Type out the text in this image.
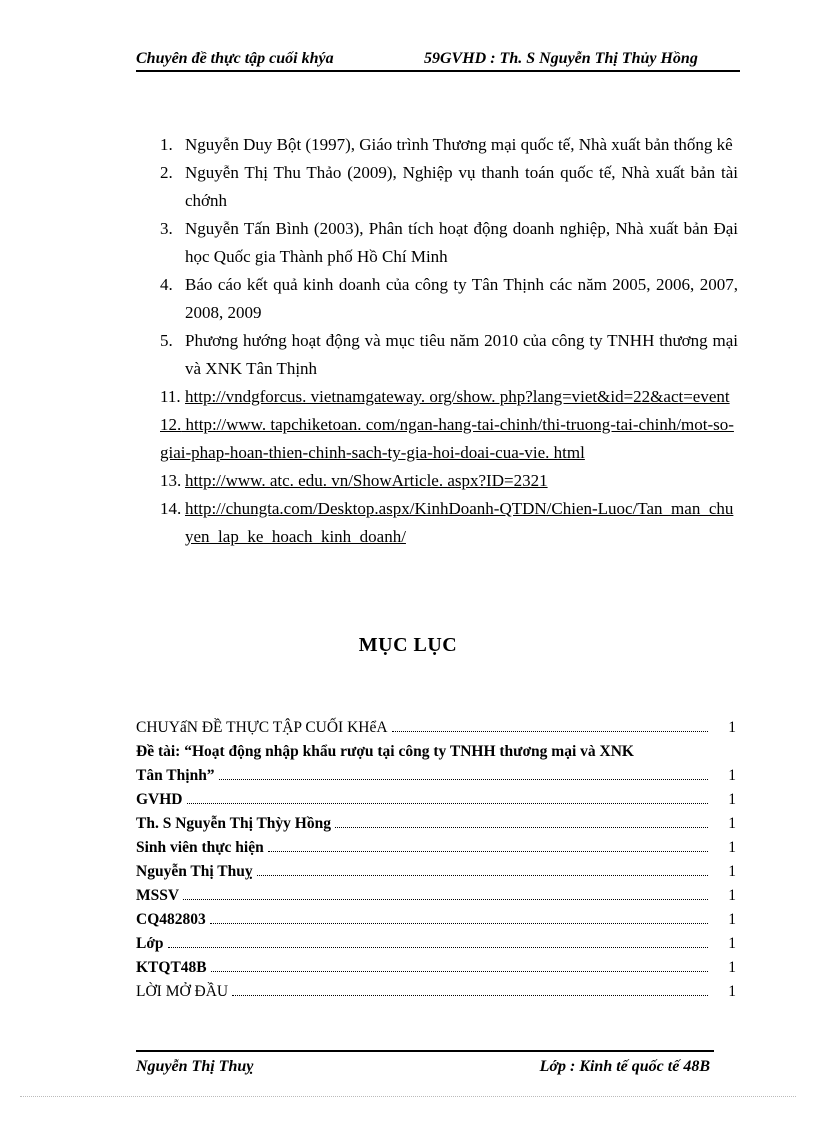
Chuyên đề thực tập cuối khýa	59GVHD : Th. S Nguyễn Thị Thủy Hồng
1. Nguyễn Duy Bột (1997), Giáo trình Thương mại quốc tế, Nhà xuất bản thống kê
2. Nguyễn Thị Thu Thảo (2009), Nghiệp vụ thanh toán quốc tế, Nhà xuất bản tài chớnh
3. Nguyễn Tấn Bình (2003), Phân tích hoạt động doanh nghiệp, Nhà xuất bản Đại học Quốc gia Thành phố Hồ Chí Minh
4. Báo cáo kết quả kinh doanh của công ty Tân Thịnh các năm 2005, 2006, 2007, 2008, 2009
5. Phương hướng hoạt động và mục tiêu năm 2010 của công ty TNHH thương mại và XNK Tân Thịnh
11. http://vndgforcus. vietnamgateway. org/show. php?lang=viet&id=22&act=event
12. http://www. tapchiketoan. com/ngan-hang-tai-chinh/thi-truong-tai-chinh/mot-so-giai-phap-hoan-thien-chinh-sach-ty-gia-hoi-doai-cua-vie. html
13. http://www. atc. edu. vn/ShowArticle. aspx?ID=2321
14. http://chungta.com/Desktop.aspx/KinhDoanh-QTDN/Chien-Luoc/Tan_man_chuyen_lap_ke_hoach_kinh_doanh/
MỤC LỤC
CHUYấN ĐỀ THỰC TẬP CUỐI KHểA	1
Đề tài: “Hoạt động nhập khẩu rượu tại công ty TNHH thương mại và XNK
Tân Thịnh”	1
GVHD	1
Th. S Nguyễn Thị Thỳy Hồng	1
Sinh viên thực hiện	1
Nguyễn Thị Thuỵ	1
MSSV	1
CQ482803	1
Lớp	1
KTQT48B	1
LỜI MỞ ĐẦU	1
Nguyễn Thị Thuỵ	Lớp : Kinh tế quốc tế 48B
